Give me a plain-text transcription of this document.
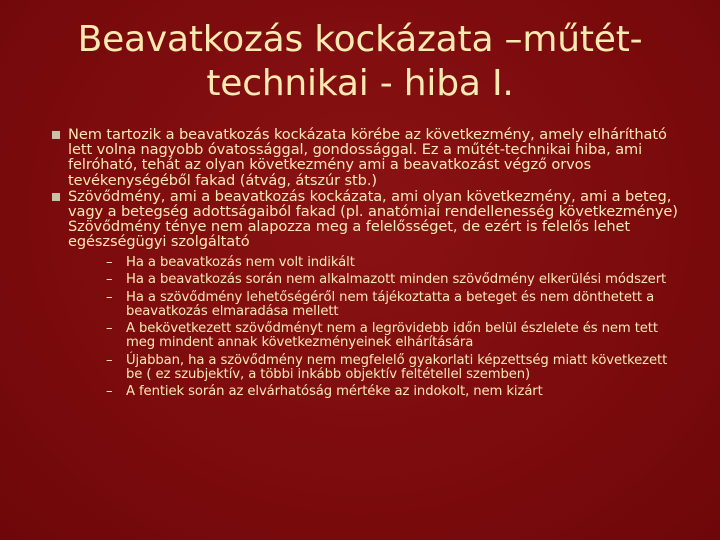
Beavatkozás kockázata –műtét-
technikai - hiba I.
Nem tartozik a beavatkozás kockázata körébe az következmény, amely elhárítható lett volna nagyobb óvatossággal, gondossággal. Ez a műtét-technikai hiba, ami felróható, tehát az olyan következmény ami a beavatkozást végző orvos tevékenységéből fakad (átvág, átszúr stb.)
Szövődmény, ami a beavatkozás kockázata, ami olyan következmény, ami a beteg, vagy a betegség adottságaiból fakad (pl. anatómiai rendellenesség következménye) Szövődmény ténye nem alapozza meg a felelősséget, de ezért is felelős lehet egészségügyi szolgáltató
– Ha a beavatkozás nem volt indikált
– Ha a beavatkozás során nem alkalmazott minden szövődmény elkerülési módszert
– Ha a szövődmény lehetőségéről nem tájékoztatta a beteget és nem dönthetett a beavatkozás elmaradása mellett
– A bekövetkezett szövődményt nem a legrövidebb időn belül észlelete és nem tett meg mindent annak következményeinek elhárítására
– Újabban, ha a szövődmény nem megfelelő gyakorlati képzettség miatt következett be ( ez szubjektív, a többi inkább objektív feltétellel szemben)
– A fentiek során az elvárhatóság mértéke az indokolt, nem kizárt
